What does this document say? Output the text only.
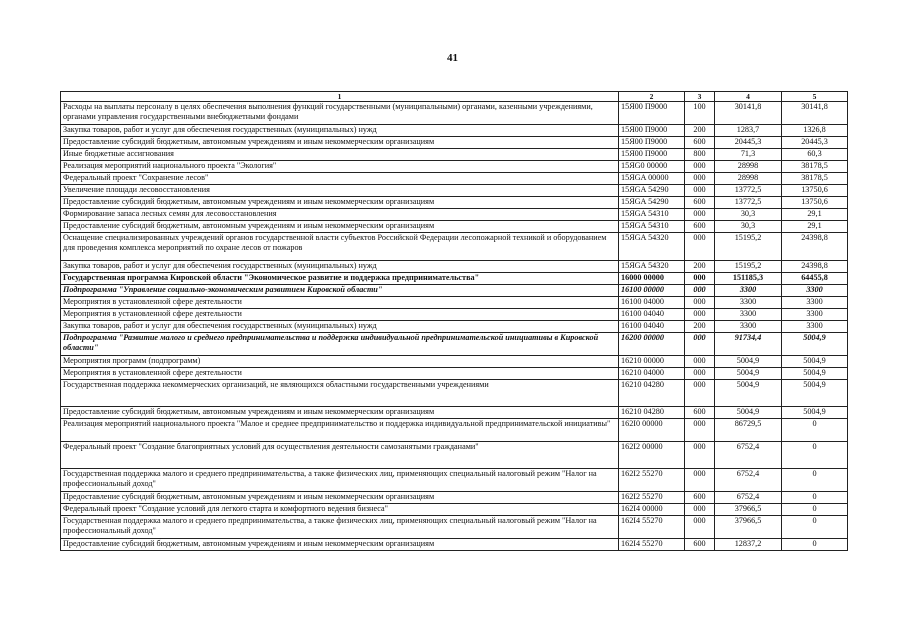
41
1	2	3	4	5
Расходы на выплаты персоналу в целях обеспечения выполнения функций государственными (муниципальными) органами, казенными учреждениями, органами управления государственными внебюджетными фондами	15Я00 П9000	100	30141,8	30141,8
Закупка товаров, работ и услуг для обеспечения государственных (муниципальных) нужд	15Я00 П9000	200	1283,7	1326,8
Предоставление субсидий бюджетным, автономным учреждениям и иным некоммерческим организациям	15Я00 П9000	600	20445,3	20445,3
Иные бюджетные ассигнования	15Я00 П9000	800	71,3	60,3
Реализация мероприятий национального проекта "Экология"	15ЯG0 00000	000	28998	38178,5
Федеральный проект "Сохранение лесов"	15ЯGA 00000	000	28998	38178,5
Увеличение площади лесовосстановления	15ЯGA 54290	000	13772,5	13750,6
Предоставление субсидий бюджетным, автономным учреждениям и иным некоммерческим организациям	15ЯGA 54290	600	13772,5	13750,6
Формирование запаса лесных семян для лесовосстановления	15ЯGA 54310	000	30,3	29,1
Предоставление субсидий бюджетным, автономным учреждениям и иным некоммерческим организациям	15ЯGA 54310	600	30,3	29,1
Оснащение специализированных учреждений органов государственной власти субъектов Российской Федерации лесопожарной техникой и оборудованием для проведения комплекса мероприятий по охране лесов от пожаров	15ЯGA 54320	000	15195,2	24398,8
Закупка товаров, работ и услуг для обеспечения государственных (муниципальных) нужд	15ЯGA 54320	200	15195,2	24398,8
Государственная программа Кировской области "Экономическое развитие и поддержка предпринимательства"	16000 00000	000	151185,3	64455,8
Подпрограмма "Управление социально-экономическим развитием Кировской области"	16100 00000	000	3300	3300
Мероприятия в установленной сфере деятельности	16100 04000	000	3300	3300
Мероприятия в установленной сфере деятельности	16100 04040	000	3300	3300
Закупка товаров, работ и услуг для обеспечения государственных (муниципальных) нужд	16100 04040	200	3300	3300
Подпрограмма "Развитие малого и среднего предпринимательства и поддержка индивидуальной предпринимательской инициативы в Кировской области"	16200 00000	000	91734,4	5004,9
Мероприятия программ (подпрограмм)	16210 00000	000	5004,9	5004,9
Мероприятия в установленной сфере деятельности	16210 04000	000	5004,9	5004,9
Государственная поддержка некоммерческих организаций, не являющихся областными государственными учреждениями	16210 04280	000	5004,9	5004,9
Предоставление субсидий бюджетным, автономным учреждениям и иным некоммерческим организациям	16210 04280	600	5004,9	5004,9
Реализация мероприятий национального проекта "Малое и среднее предпринимательство и поддержка индивидуальной предпринимательской инициативы"	162I0 00000	000	86729,5	0
Федеральный проект "Создание благоприятных условий для осуществления деятельности самозанятыми гражданами"	162I2 00000	000	6752,4	0
Государственная поддержка малого и среднего предпринимательства, а также физических лиц, применяющих специальный налоговый режим "Налог на профессиональный доход"	162I2 55270	000	6752,4	0
Предоставление субсидий бюджетным, автономным учреждениям и иным некоммерческим организациям	162I2 55270	600	6752,4	0
Федеральный проект "Создание условий для легкого старта и комфортного ведения бизнеса"	162I4 00000	000	37966,5	0
Государственная поддержка малого и среднего предпринимательства, а также физических лиц, применяющих специальный налоговый режим "Налог на профессиональный доход"	162I4 55270	000	37966,5	0
Предоставление субсидий бюджетным, автономным учреждениям и иным некоммерческим организациям	162I4 55270	600	12837,2	0
